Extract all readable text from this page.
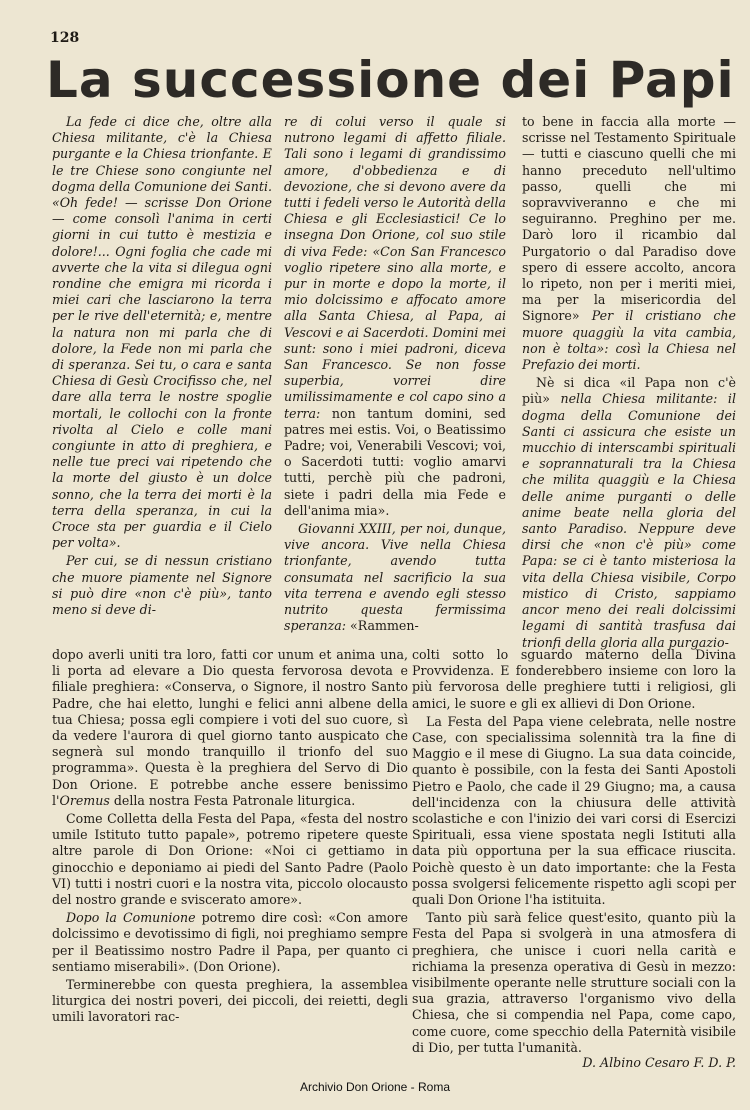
128
La successione dei Papi

La fede ci dice che, oltre alla Chiesa militante, c'è la Chiesa purgante e la Chiesa trionfante. E le tre Chiese sono congiunte nel dogma della Comunione dei Santi. «Oh fede! — scrisse Don Orione — come consolì l'anima in certi giorni in cui tutto è mestizia e dolore!... Ogni foglia che cade mi avverte che la vita si dilegua ogni rondine che emigra mi ricorda i miei cari che lasciarono la terra per le rive dell'eternità; e, mentre la natura non mi parla che di dolore, la Fede non mi parla che di speranza. Sei tu, o cara e santa Chiesa di Gesù Crocifisso che, nel dare alla terra le nostre spoglie mortali, le collochi con la fronte rivolta al Cielo e colle mani congiunte in atto di preghiera, e nelle tue preci vai ripetendo che la morte del giusto è un dolce sonno, che la terra dei morti è la terra della speranza, in cui la Croce sta per guardia e il Cielo per volta».

Per cui, se di nessun cristiano che muore piamente nel Signore si può dire «non c'è più», tanto meno si deve di-

re di colui verso il quale si nutrono legami di affetto filiale. Tali sono i legami di grandissimo amore, d'obbedienza e di devozione, che si devono avere da tutti i fedeli verso le Autorità della Chiesa e gli Ecclesiastici! Ce lo insegna Don Orione, col suo stile di viva Fede: «Con San Francesco voglio ripetere sino alla morte, e pur in morte e dopo la morte, il mio dolcissimo e affocato amore alla Santa Chiesa, al Papa, ai Vescovi e ai Sacerdoti. Domini mei sunt: sono i miei padroni, diceva San Francesco. Se non fosse superbia, vorrei dire umilissimamente e col capo sino a terra: non tantum domini, sed patres mei estis. Voi, o Beatissimo Padre; voi, Venerabili Vescovi; voi, o Sacerdoti tutti: voglio amarvi tutti, perchè più che padroni, siete i padri della mia Fede e dell'anima mia».

Giovanni XXIII, per noi, dunque, vive ancora. Vive nella Chiesa trionfante, avendo tutta consumata nel sacrificio la sua vita terrena e avendo egli stesso nutrito questa fermissima speranza: «Rammen-

to bene in faccia alla morte — scrisse nel Testamento Spirituale — tutti e ciascuno quelli che mi hanno preceduto nell'ultimo passo, quelli che mi sopravviveranno e che mi seguiranno. Preghino per me. Darò loro il ricambio dal Purgatorio o dal Paradiso dove spero di essere accolto, ancora lo ripeto, non per i meriti miei, ma per la misericordia del Signore» Per il cristiano che muore quaggiù la vita cambia, non è tolta»: così la Chiesa nel Prefazio dei morti.

Nè si dica «il Papa non c'è più» nella Chiesa militante: il dogma della Comunione dei Santi ci assicura che esiste un mucchio di interscambi spirituali e soprannaturali tra la Chiesa che milita quaggiù e la Chiesa delle anime purganti o delle anime beate nella gloria del santo Paradiso. Neppure deve dirsi che «non c'è più» come Papa: se ci è tanto misteriosa la vita della Chiesa visibile, Corpo mistico di Cristo, sappiamo ancor meno dei reali dolcissimi legami di santità trasfusa dai trionfi della gloria alla purgazio-

dopo averli uniti tra loro, fatti cor unum et anima una, li porta ad elevare a Dio questa fervorosa devota e filiale preghiera: «Conserva, o Signore, il nostro Santo Padre, che hai eletto, lunghi e felici anni albene della tua Chiesa; possa egli compiere i voti del suo cuore, sì da vedere l'aurora di quel giorno tanto auspicato che segnerà sul mondo tranquillo il trionfo del suo programma». Questa è la preghiera del Servo di Dio Don Orione. E potrebbe anche essere benissimo l'Oremus della nostra Festa Patronale liturgica.

Come Colletta della Festa del Papa, «festa del nostro umile Istituto tutto papale», potremo ripetere queste altre parole di Don Orione: «Noi ci gettiamo in ginocchio e deponiamo ai piedi del Santo Padre (Paolo VI) tutti i nostri cuori e la nostra vita, piccolo olocausto del nostro grande e sviscerato amore».

Dopo la Comunione potremo dire così: «Con amore dolcissimo e devotissimo di figli, noi preghiamo sempre per il Beatissimo nostro Padre il Papa, per quanto ci sentiamo miserabili». (Don Orione).

Terminerebbe con questa preghiera, la assemblea liturgica dei nostri poveri, dei piccoli, dei reietti, degli umili lavoratori rac-

colti sotto lo sguardo materno della Divina Provvidenza. E fonderebbero insieme con loro la più fervorosa delle preghiere tutti i religiosi, gli amici, le suore e gli ex allievi di Don Orione.

La Festa del Papa viene celebrata, nelle nostre Case, con specialissima solennità tra la fine di Maggio e il mese di Giugno. La sua data coincide, quanto è possibile, con la festa dei Santi Apostoli Pietro e Paolo, che cade il 29 Giugno; ma, a causa dell'incidenza con la chiusura delle attività scolastiche e con l'inizio dei vari corsi di Esercizi Spirituali, essa viene spostata negli Istituti alla data più opportuna per la sua efficace riuscita. Poichè questo è un dato importante: che la Festa possa svolgersi felicemente rispetto agli scopi per quali Don Orione l'ha istituita.

Tanto più sarà felice quest'esito, quanto più la Festa del Papa si svolgerà in una atmosfera di preghiera, che unisce i cuori nella carità e richiama la presenza operativa di Gesù in mezzo: visibilmente operante nelle strutture sociali con la sua grazia, attraverso l'organismo vivo della Chiesa, che si compendia nel Papa, come capo, come cuore, come specchio della Paternità visibile di Dio, per tutta l'umanità.

D. Albino Cesaro F. D. P.
Archivio Don Orione - Roma
